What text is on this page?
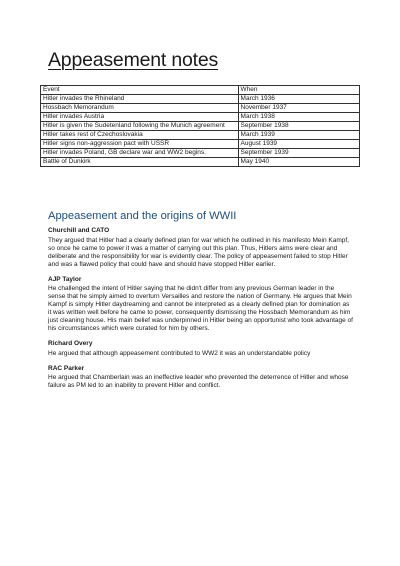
Appeasement notes
Event	When
Hitler invades the Rhineland	March 1936
Hossbach Memorandum	November 1937
Hitler invades Austria	March 1938
Hitler is given the Sudetenland following the Munich agreement	September 1938
Hitler takes rest of Czechoslovakia	March 1939
Hitler signs non-aggression pact with USSR	August 1939
Hitler invades Poland, GB declare war and WW2 begins.	September 1939
Battle of Dunkirk	May 1940
Appeasement and the origins of WWII
Churchill and CATO
They argued that Hitler had a clearly defined plan for war which he outlined in his manifesto Mein Kampf, so once he came to power it was a matter of carrying out this plan. Thus, Hitlers aims were clear and deliberate and the responsibility for war is evidently clear. The policy of appeasement failed to stop Hitler and was a flawed policy that could have and should have stopped Hitler earlier.
AJP Taylor
He challenged the intent of Hitler saying that he didn't differ from any previous German leader in the sense that he simply aimed to overturn Versailles and restore the nation of Germany. He argues that Mein Kampf is simply Hitler daydreaming and cannot be interpreted as a clearly defined plan for domination as it was written well before he came to power, consequently dismissing the Hossbach Memorandum as him just cleaning house. His main belief was underpinned in Hitler being an opportunist who took advantage of his circumstances which were curated for him by others.
Richard Overy
He argued that although appeasement contributed to WW2 it was an understandable policy
RAC Parker
He argued that Chamberlain was an ineffective leader who prevented the deterrence of Hitler and whose failure as PM led to an inability to prevent Hitler and conflict.
